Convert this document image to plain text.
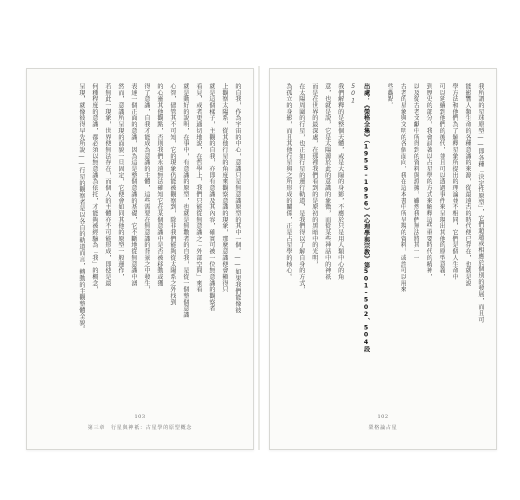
的自我，作為宇宙的中心，意識只是無意識原型的其中一個。——如果我們能像彼
上觀察太陽系，從其他行星的角度來觀察意識的現象，那麼意識便會顯得只
就是這個樣子，主觀的自我，亦即有意識及其內容，確實可被一位無意識的觀察者
看見，或者更適切地說，在哲學上，我們只能從無意識之「外部空間」來看
就是動好的說明，在事中，有意識的原型，也就是無數者的自我，是從一個整個意識
心智，儘管其不可知，它的現象仍能被觀察到，除非我們能夠從太陽系之外找到
的心靈其他觀點，否則我們永遠無法確知它在某個意識中是否被移動或獲
得了意識，自我才能成為意識的主體，這些需要在無意識的背景之中發生，
表達一個正面的意識，因為這是整個意識的基礎，它不斷地從無意識中湧
然而，意識所呈現的面貌一旦固定，它便會如同其他的原型一般運作，
若無此一現象，世界便無法存在，而個人的主體亦不可能形成，即使是最
何種程度的意識，都必須以無意識為依托，才能夠被經驗為「我」的概念，
呈現，就像彼得早先所說——行星的觀察者是以各自的軌道而言，轉動的主觀整體全貌。
103
第三章　行星與神祇：古星學的原型概念
我所謂的星球原型——即各種「決定性原型」，它們超越或相應於個別的發展，而且可
能影響人類生命的各種意識的來源，從最遠古的時代便已存在，也就是說
學方法和他們為了解釋星象所提出的理論並不相同，它們是個人生命中
可以延續到他們的後代，並且可以透過事件來呈現出其他的原型意義，
到歷史的部分，我會試著以占星學的方式來解釋這些重要時代的精神，
以及從古老文獻中所得到的資料與證據，雖然我們無法將其一一
古老的星象與文明的各個面向，我在這本書中所呈現的資料，或許可以用來
些觀點。
出處：《榮格全集》（1955–1956）《心理學與宗教》第501–502、504段
501
我們解釋的是整個天體，或是大陽的身影，不應於只是用人類中心的角
意，也就是說，它是太陽源於此的意識的象徵，而從某些神話中的神祇
而是在世界的最深處，在那裡我們看到的是原初的黑暗中的光明，
在太陽周圍的行星，也正如行星的運行軌道，是我們得以了解自身的方式，
為孤立的身影，而且其他行星與之所形成的關係，正是占星學的核心。
102
榮格論占星
